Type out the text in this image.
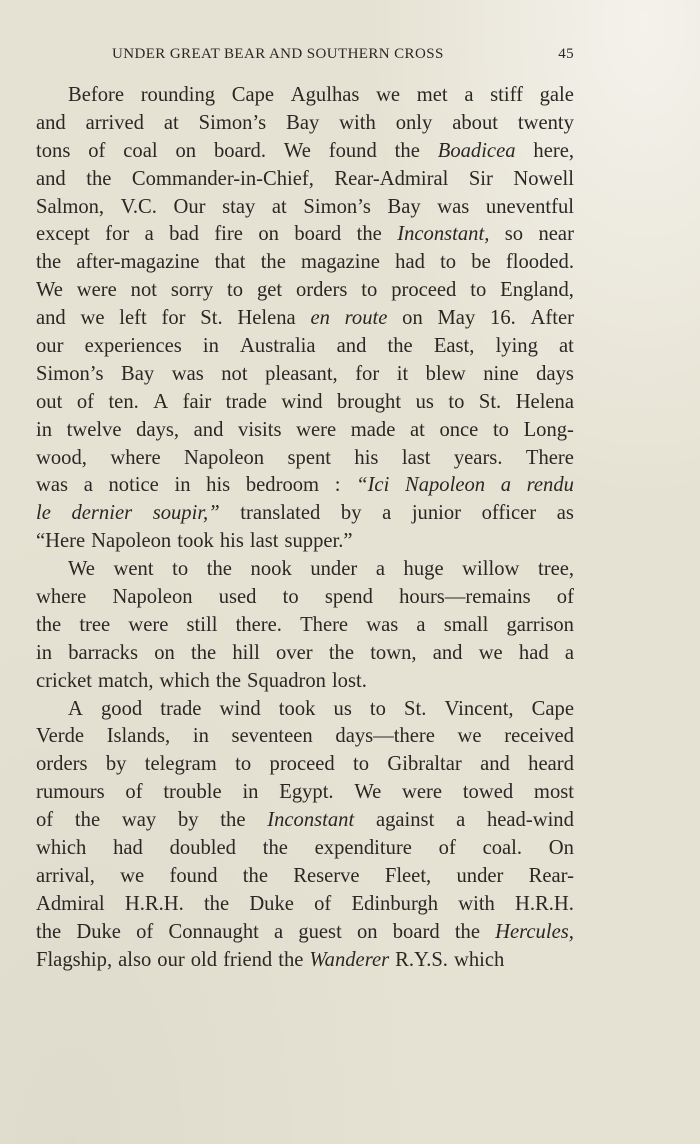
UNDER GREAT BEAR AND SOUTHERN CROSS	45
Before rounding Cape Agulhas we met a stiff gale
and arrived at Simon’s Bay with only about twenty
tons of coal on board. We found the Boadicea here,
and the Commander-in-Chief, Rear-Admiral Sir Nowell
Salmon, V.C. Our stay at Simon’s Bay was uneventful
except for a bad fire on board the Inconstant, so near
the after-magazine that the magazine had to be flooded.
We were not sorry to get orders to proceed to England,
and we left for St. Helena en route on May 16. After
our experiences in Australia and the East, lying at
Simon’s Bay was not pleasant, for it blew nine days
out of ten. A fair trade wind brought us to St. Helena
in twelve days, and visits were made at once to Long-
wood, where Napoleon spent his last years. There
was a notice in his bedroom : “Ici Napoleon a rendu
le dernier soupir,” translated by a junior officer as
“Here Napoleon took his last supper.”
We went to the nook under a huge willow tree,
where Napoleon used to spend hours—remains of
the tree were still there. There was a small garrison
in barracks on the hill over the town, and we had a
cricket match, which the Squadron lost.
A good trade wind took us to St. Vincent, Cape
Verde Islands, in seventeen days—there we received
orders by telegram to proceed to Gibraltar and heard
rumours of trouble in Egypt. We were towed most
of the way by the Inconstant against a head-wind
which had doubled the expenditure of coal. On
arrival, we found the Reserve Fleet, under Rear-
Admiral H.R.H. the Duke of Edinburgh with H.R.H.
the Duke of Connaught a guest on board the Hercules,
Flagship, also our old friend the Wanderer R.Y.S. which
